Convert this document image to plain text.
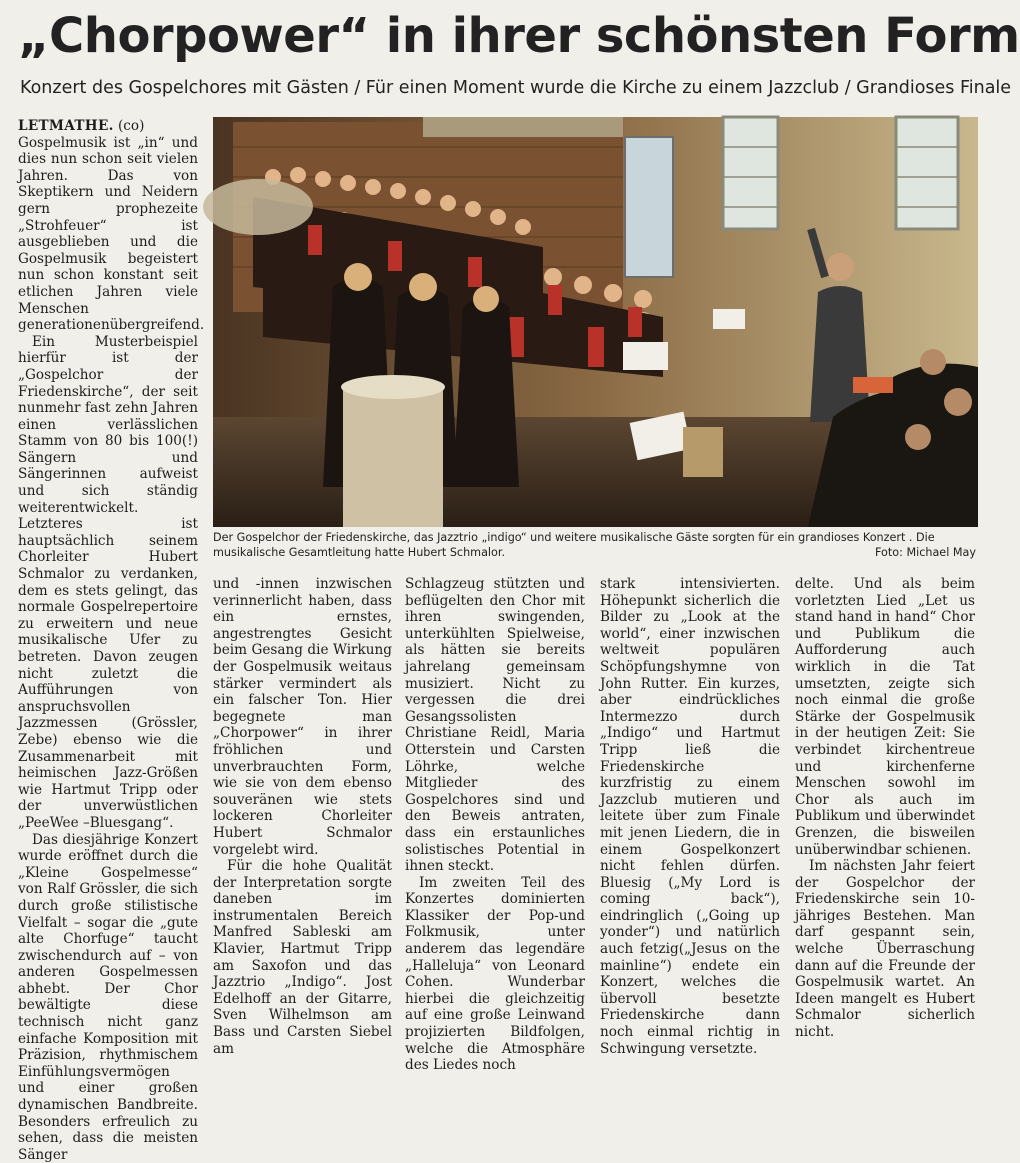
„Chorpower“ in ihrer schönsten Form
Konzert des Gospelchores mit Gästen / Für einen Moment wurde die Kirche zu einem Jazzclub / Grandioses Finale

LETMATHE. (co)
Gospelmusik ist „in“ und dies nun schon seit vielen Jahren. Das von Skeptikern und Neidern gern prophezeite „Strohfeuer“ ist ausgeblieben und die Gospelmusik begeistert nun schon konstant seit etlichen Jahren viele Menschen generationenübergreifend.

Ein Musterbeispiel hierfür ist der „Gospelchor der Friedenskirche“, der seit nunmehr fast zehn Jahren einen verlässlichen Stamm von 80 bis 100(!) Sängern und Sängerinnen aufweist und sich ständig weiterentwickelt. Letzteres ist hauptsächlich seinem Chorleiter Hubert Schmalor zu verdanken, dem es stets gelingt, das normale Gospelrepertoire zu erweitern und neue musikalische Ufer zu betreten. Davon zeugen nicht zuletzt die Aufführungen von anspruchsvollen Jazzmessen (Grössler, Zebe) ebenso wie die Zusammenarbeit mit heimischen Jazz-Größen wie Hartmut Tripp oder der unverwüstlichen „PeeWee –Bluesgang“.

Das diesjährige Konzert wurde eröffnet durch die „Kleine Gospelmesse“ von Ralf Grössler, die sich durch große stilistische Vielfalt – sogar die „gute alte Chorfuge“ taucht zwischendurch auf – von anderen Gospelmessen abhebt. Der Chor bewältigte diese technisch nicht ganz einfache Komposition mit Präzision, rhythmischem Einfühlungsvermögen und einer großen dynamischen Bandbreite. Besonders erfreulich zu sehen, dass die meisten Sänger

Der Gospelchor der Friedenskirche, das Jazztrio „indigo“ und weitere musikalische Gäste sorgten für ein grandioses Konzert . Die musikalische Gesamtleitung hatte Hubert Schmalor.	Foto: Michael May

und -innen inzwischen verinnerlicht haben, dass ein ernstes, angestrengtes Gesicht beim Gesang die Wirkung der Gospelmusik weitaus stärker vermindert als ein falscher Ton. Hier begegnete man „Chorpower“ in ihrer fröhlichen und unverbrauchten Form, wie sie von dem ebenso souveränen wie stets lockeren Chorleiter Hubert Schmalor vorgelebt wird.

Für die hohe Qualität der Interpretation sorgte daneben im instrumentalen Bereich Manfred Sableski am Klavier, Hartmut Tripp am Saxofon und das Jazztrio „Indigo“. Jost Edelhoff an der Gitarre, Sven Wilhelmson am Bass und Carsten Siebel am

Schlagzeug stützten und beflügelten den Chor mit ihren swingenden, unterkühlten Spielweise, als hätten sie bereits jahrelang gemeinsam musiziert. Nicht zu vergessen die drei Gesangssolisten Christiane Reidl, Maria Otterstein und Carsten Löhrke, welche Mitglieder des Gospelchores sind und den Beweis antraten, dass ein erstaunliches solistisches Potential in ihnen steckt.

Im zweiten Teil des Konzertes dominierten Klassiker der Pop-und Folkmusik, unter anderem das legendäre „Halleluja“ von Leonard Cohen. Wunderbar hierbei die gleichzeitig auf eine große Leinwand projizierten Bildfolgen, welche die Atmosphäre des Liedes noch

stark intensivierten. Höhepunkt sicherlich die Bilder zu „Look at the world“, einer inzwischen weltweit populären Schöpfungshymne von John Rutter. Ein kurzes, aber eindrückliches Intermezzo durch „Indigo“ und Hartmut Tripp ließ die Friedenskirche kurzfristig zu einem Jazzclub mutieren und leitete über zum Finale mit jenen Liedern, die in einem Gospelkonzert nicht fehlen dürfen. Bluesig („My Lord is coming back“), eindringlich („Going up yonder“) und natürlich auch fetzig(„Jesus on the mainline“) endete ein Konzert, welches die übervoll besetzte Friedenskirche dann noch einmal richtig in Schwingung versetzte.

delte. Und als beim vorletzten Lied „Let us stand hand in hand“ Chor und Publikum die Aufforderung auch wirklich in die Tat umsetzten, zeigte sich noch einmal die große Stärke der Gospelmusik in der heutigen Zeit: Sie verbindet kirchentreue und kirchenferne Menschen sowohl im Chor als auch im Publikum und überwindet Grenzen, die bisweilen unüberwindbar schienen.

Im nächsten Jahr feiert der Gospelchor der Friedenskirche sein 10-jähriges Bestehen. Man darf gespannt sein, welche Überraschung dann auf die Freunde der Gospelmusik wartet. An Ideen mangelt es Hubert Schmalor sicherlich nicht.
